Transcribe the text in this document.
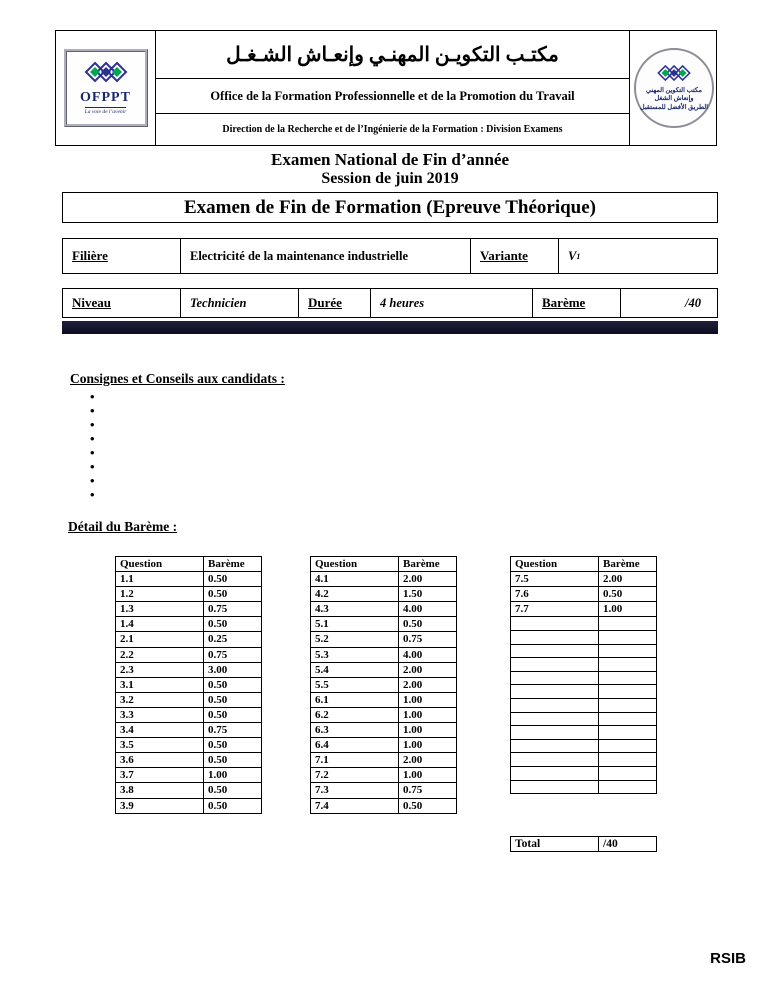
OFPPT
La voie de l’avenir
مكتـب التكويـن المهنـي وإنعـاش الشـغـل
Office de la Formation Professionnelle et de la Promotion du Travail
Direction de la Recherche et de l’Ingénierie de la Formation : Division Examens
مكتب التكوين المهني
وإنعاش الشغل
الطريق الأفضل للمستقبل
Examen National de Fin d’année
Session de juin 2019
Examen de Fin de Formation (Epreuve Théorique)
Filière	Electricité de la maintenance industrielle	Variante	V 1
Niveau	Technicien	Durée	4 heures	Barème	/40
Consignes et Conseils aux candidats :
•
•
•
•
•
•
•
•
Détail du Barème :
Question	Barème
1.1	0.50
1.2	0.50
1.3	0.75
1.4	0.50
2.1	0.25
2.2	0.75
2.3	3.00
3.1	0.50
3.2	0.50
3.3	0.50
3.4	0.75
3.5	0.50
3.6	0.50
3.7	1.00
3.8	0.50
3.9	0.50
Question	Barème
4.1	2.00
4.2	1.50
4.3	4.00
5.1	0.50
5.2	0.75
5.3	4.00
5.4	2.00
5.5	2.00
6.1	1.00
6.2	1.00
6.3	1.00
6.4	1.00
7.1	2.00
7.2	1.00
7.3	0.75
7.4	0.50
Question	Barème
7.5	2.00
7.6	0.50
7.7	1.00

Total	/40
RSIB
